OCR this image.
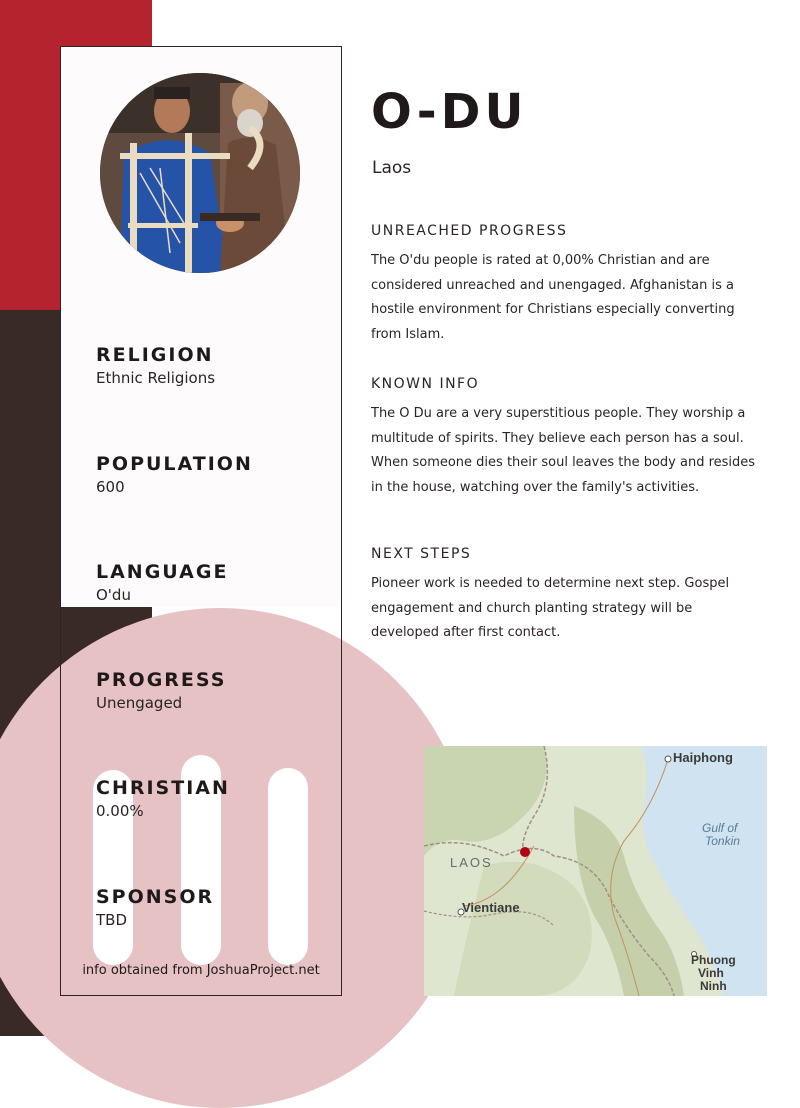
RELIGION
Ethnic Religions
POPULATION
600
LANGUAGE
O'du
PROGRESS
Unengaged
CHRISTIAN
0.00%
SPONSOR
TBD
info obtained from JoshuaProject.net
O-DU
Laos
UNREACHED PROGRESS

The O'du people is rated at 0,00% Christian and are considered unreached and unengaged. Afghanistan is a hostile environment for Christians especially converting from Islam.

KNOWN INFO

The O Du are a very superstitious people. They worship a multitude of spirits. They believe each person has a soul. When someone dies their soul leaves the body and resides in the house, watching over the family's activities.

NEXT STEPS

Pioneer work is needed to determine next step. Gospel engagement and church planting strategy will be developed after first contact.

Haiphong
Gulf of
Tonkin
LAOS
Vientiane
Phuong
Vinh
Ninh
